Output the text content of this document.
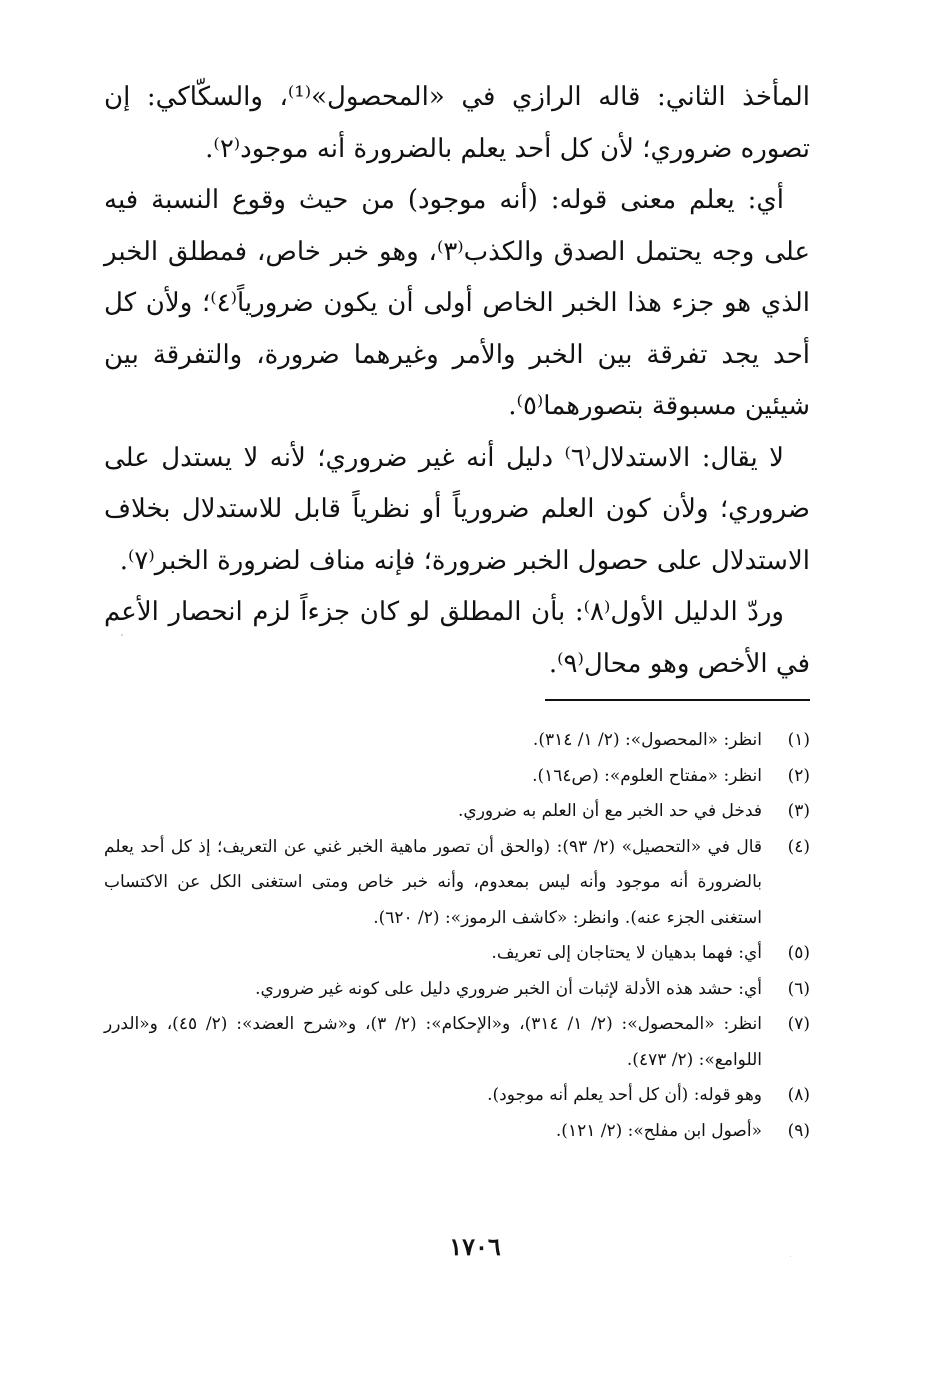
المأخذ الثاني: قاله الرازي في «المحصول»⁽¹⁾، والسكّاكي: إن تصوره ضروري؛ لأن كل أحد يعلم بالضرورة أنه موجود⁽٢⁾.

أي: يعلم معنى قوله: (أنه موجود) من حيث وقوع النسبة فيه على وجه يحتمل الصدق والكذب⁽٣⁾، وهو خبر خاص، فمطلق الخبر الذي هو جزء هذا الخبر الخاص أولى أن يكون ضرورياً⁽٤⁾؛ ولأن كل أحد يجد تفرقة بين الخبر والأمر وغيرهما ضرورة، والتفرقة بين شيئين مسبوقة بتصورهما⁽٥⁾.

لا يقال: الاستدلال⁽٦⁾ دليل أنه غير ضروري؛ لأنه لا يستدل على ضروري؛ ولأن كون العلم ضرورياً أو نظرياً قابل للاستدلال بخلاف الاستدلال على حصول الخبر ضرورة؛ فإنه مناف لضرورة الخبر⁽٧⁾.

وردّ الدليل الأول⁽٨⁾: بأن المطلق لو كان جزءاً لزم انحصار الأعم في الأخص وهو محال⁽٩⁾.

(١)
انظر: «المحصول»: (٢/ ١/ ٣١٤).
(٢)
انظر: «مفتاح العلوم»: (ص١٦٤).
(٣)
فدخل في حد الخبر مع أن العلم به ضروري.
(٤)
قال في «التحصيل» (٢/ ٩٣): (والحق أن تصور ماهية الخبر غني عن التعريف؛ إذ كل أحد يعلم بالضرورة أنه موجود وأنه ليس بمعدوم، وأنه خبر خاص ومتى استغنى الكل عن الاكتساب استغنى الجزء عنه). وانظر: «كاشف الرموز»: (٢/ ٦٢٠).
(٥)
أي: فهما بدهيان لا يحتاجان إلى تعريف.
(٦)
أي: حشد هذه الأدلة لإثبات أن الخبر ضروري دليل على كونه غير ضروري.
(٧)
انظر: «المحصول»: (٢/ ١/ ٣١٤)، و«الإحكام»: (٢/ ٣)، و«شرح العضد»: (٢/ ٤٥)، و«الدرر اللوامع»: (٢/ ٤٧٣).
(٨)
وهو قوله: (أن كل أحد يعلم أنه موجود).
(٩)
«أصول ابن مفلح»: (٢/ ١٢١).
١٧٠٦
